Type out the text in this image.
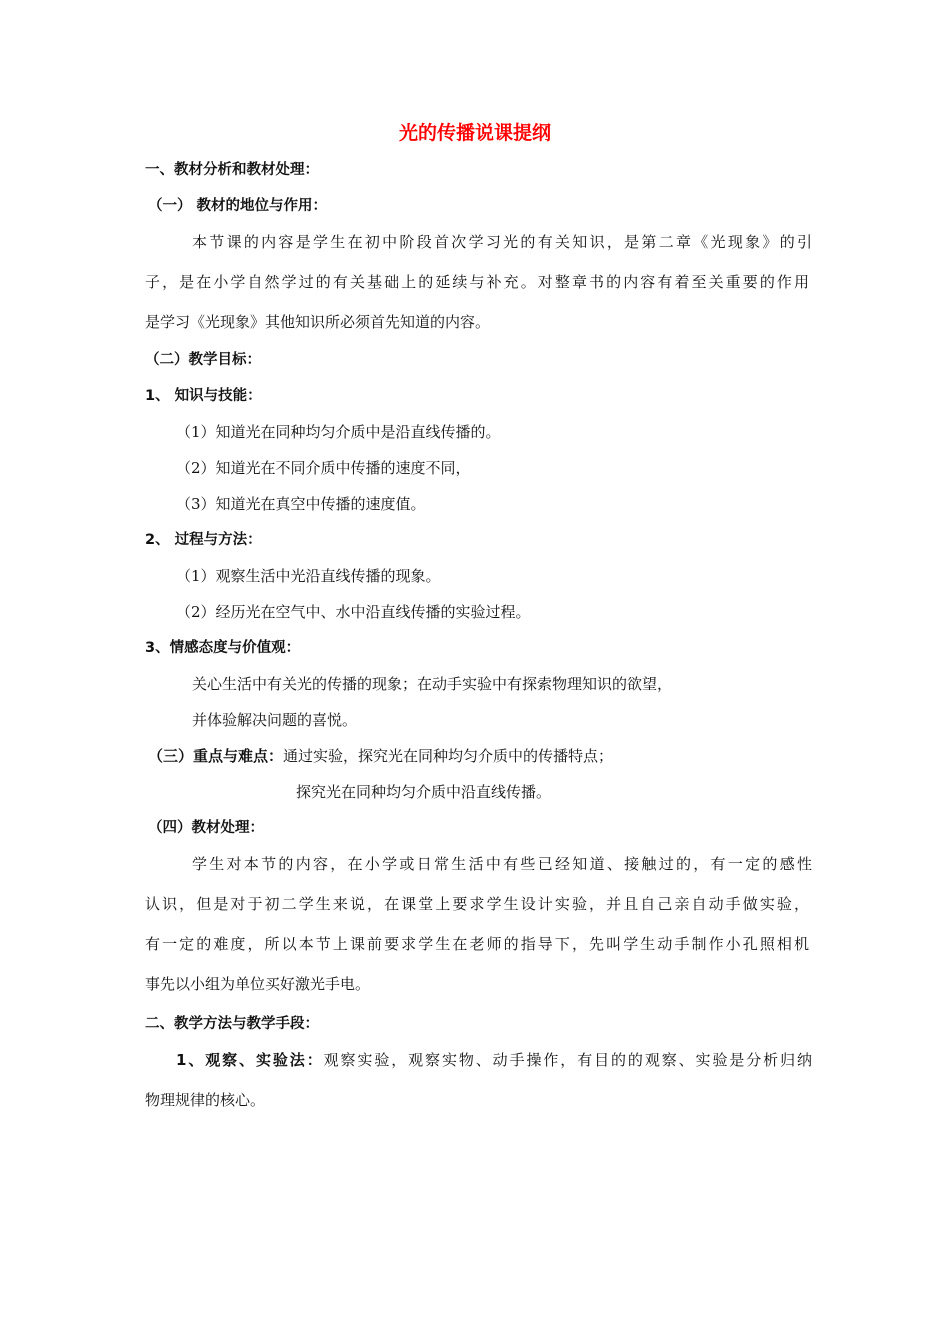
光的传播说课提纲
一、教材分析和教材处理：
（一） 教材的地位与作用：
本节课的内容是学生在初中阶段首次学习光的有关知识，是第二章《光现象》的引
子，是在小学自然学过的有关基础上的延续与补充。对整章书的内容有着至关重要的作用
是学习《光现象》其他知识所必须首先知道的内容。
（二）教学目标：
1、 知识与技能：
（1）知道光在同种均匀介质中是沿直线传播的。
（2）知道光在不同介质中传播的速度不同，
（3）知道光在真空中传播的速度值。
2、 过程与方法：
（1）观察生活中光沿直线传播的现象。
（2）经历光在空气中、水中沿直线传播的实验过程。
3、情感态度与价值观：
关心生活中有关光的传播的现象；在动手实验中有探索物理知识的欲望，
并体验解决问题的喜悦。
（三）重点与难点：通过实验，探究光在同种均匀介质中的传播特点；
探究光在同种均匀介质中沿直线传播。
（四）教材处理：
学生对本节的内容，在小学或日常生活中有些已经知道、接触过的，有一定的感性
认识，但是对于初二学生来说，在课堂上要求学生设计实验，并且自己亲自动手做实验，
有一定的难度，所以本节上课前要求学生在老师的指导下，先叫学生动手制作小孔照相机
事先以小组为单位买好激光手电。
二、教学方法与教学手段：
1、观察、实验法：观察实验，观察实物、动手操作，有目的的观察、实验是分析归纳
物理规律的核心。
